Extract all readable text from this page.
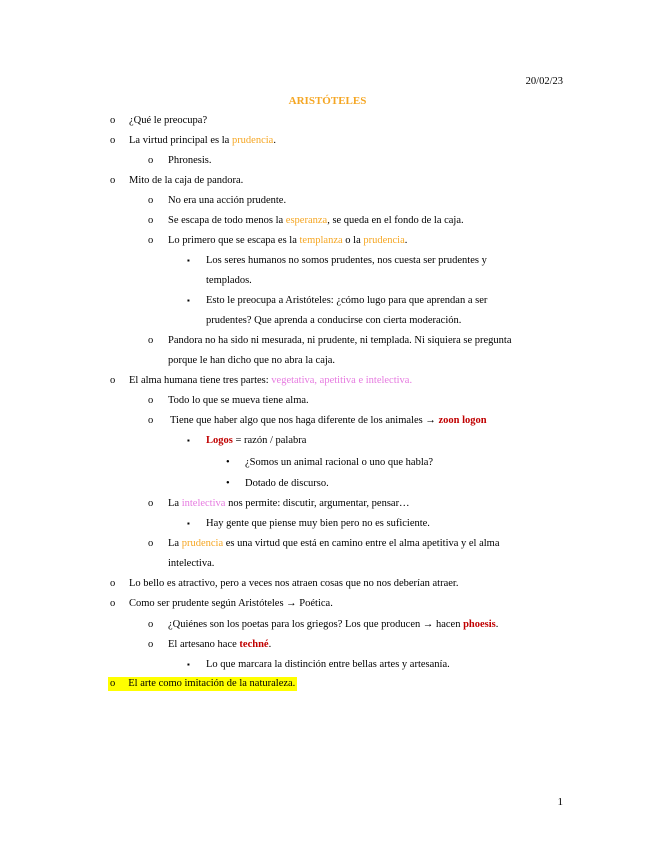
20/02/23
ARISTÓTELES
o ¿Qué le preocupa?
o La virtud principal es la prudencia.
o Phronesis.
o Mito de la caja de pandora.
o No era una acción prudente.
o Se escapa de todo menos la esperanza, se queda en el fondo de la caja.
o Lo primero que se escapa es la templanza o la prudencia.
▪ Los seres humanos no somos prudentes, nos cuesta ser prudentes y
templados.
▪ Esto le preocupa a Aristóteles: ¿cómo lugo para que aprendan a ser
prudentes? Que aprenda a conducirse con cierta moderación.
o Pandora no ha sido ni mesurada, ni prudente, ni templada. Ni siquiera se pregunta
porque le han dicho que no abra la caja.
o El alma humana tiene tres partes: vegetativa, apetitiva e intelectiva.
o Todo lo que se mueva tiene alma.
o Tiene que haber algo que nos haga diferente de los animales → zoon logon
▪ Logos = razón / palabra
• ¿Somos un animal racional o uno que habla?
• Dotado de discurso.
o La intelectiva nos permite: discutir, argumentar, pensar…
▪ Hay gente que piense muy bien pero no es suficiente.
o La prudencia es una virtud que está en camino entre el alma apetitiva y el alma
intelectiva.
o Lo bello es atractivo, pero a veces nos atraen cosas que no nos deberían atraer.
o Como ser prudente según Aristóteles → Poética.
o ¿Quiénes son los poetas para los griegos? Los que producen → hacen phoesis.
o El artesano hace techné.
▪ Lo que marcara la distinción entre bellas artes y artesanía.
o El arte como imitación de la naturaleza.
1
